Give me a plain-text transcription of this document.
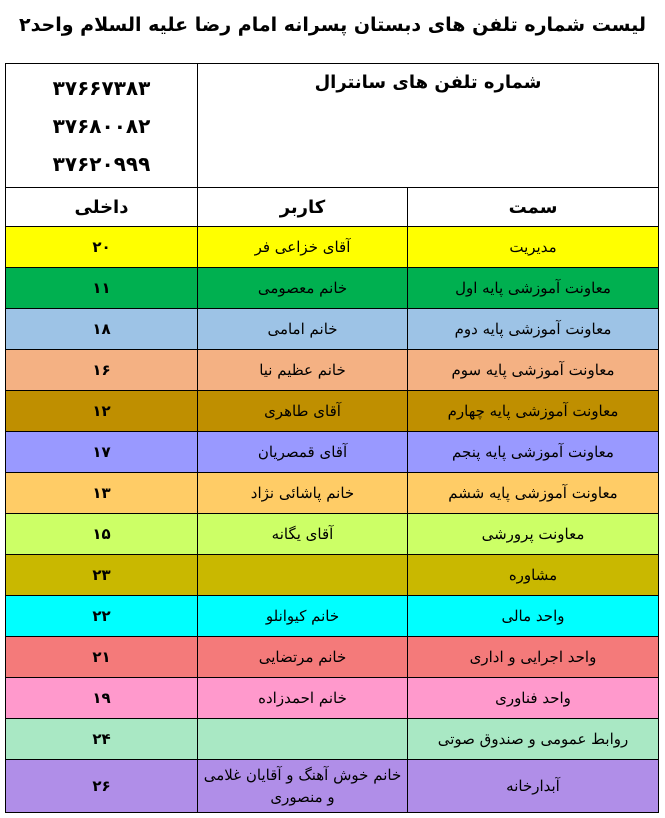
لیست شماره تلفن های دبستان پسرانه امام رضا علیه السلام واحد۲
۳۷۶۶۷۳۸۳
۳۷۶۸۰۰۸۲
۳۷۶۲۰۹۹۹	شماره تلفن های سانترال	
داخلی	کاربر	سمت
۲۰	آقای خزاعی فر	مدیریت
۱۱	خانم معصومی	معاونت آموزشی پایه اول
۱۸	خانم امامی	معاونت آموزشی پایه دوم
۱۶	خانم عظیم نیا	معاونت آموزشی پایه سوم
۱۲	آقای طاهری	معاونت آموزشی پایه چهارم
۱۷	آقای قمصریان	معاونت آموزشی پایه پنجم
۱۳	خانم پاشائی نژاد	معاونت آموزشی پایه ششم
۱۵	آقای یگانه	معاونت پرورشی
۲۳		مشاوره
۲۲	خانم کیوانلو	واحد مالی
۲۱	خانم مرتضایی	واحد اجرایی و اداری
۱۹	خانم احمدزاده	واحد فناوری
۲۴		روابط عمومی و صندوق صوتی
۲۶	خانم خوش آهنگ و آقایان غلامی و منصوری	آبدارخانه
